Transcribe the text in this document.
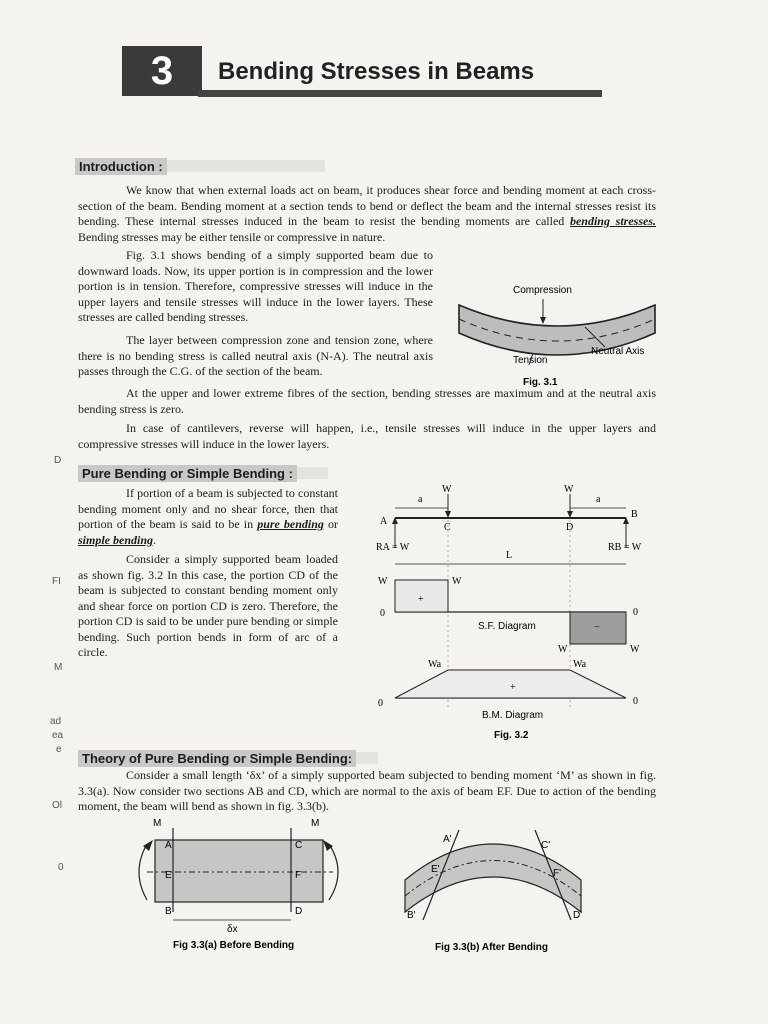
3	Bending Stresses in Beams
Introduction :

We know that when external loads act on beam, it produces shear force and bending moment at each cross-section of the beam. Bending moment at a section tends to bend or deflect the beam and the internal stresses resist its bending. These internal stresses induced in the beam to resist the bending moments are called bending stresses. Bending stresses may be either tensile or compressive in nature.

Fig. 3.1 shows bending of a simply supported beam due to downward loads. Now, its upper portion is in compression and the lower portion is in tension. Therefore, compressive stresses will induce in the upper layers and tensile stresses will induce in the lower layers. These stresses are called bending stresses.

The layer between compression zone and tension zone, where there is no bending stress is called neutral axis (N-A). The neutral axis passes through the C.G. of the section of the beam.

At the upper and lower extreme fibres of the section, bending stresses are maximum and at the neutral axis bending stress is zero.

In case of cantilevers, reverse will happen, i.e., tensile stresses will induce in the upper layers and compressive stresses will induce in the lower layers.

Compression
Tension
Neutral Axis
Fig. 3.1
Pure Bending or Simple Bending :

If portion of a beam is subjected to constant bending moment only and no shear force, then that portion of the beam is said to be in pure bending or simple bending.

Consider a simply supported beam loaded as shown fig. 3.2 In this case, the portion CD of the beam is subjected to constant bending moment only and shear force on portion CD is zero. Therefore, the portion CD is said to be under pure bending or simple bending. Such portion bends in form of arc of a circle.

a	a
W	W
A
B
C	D
RA = W	RB = W
L
W	W
+
−
0	0
W	W
S.F. Diagram
Wa	Wa
+
0	0
B.M. Diagram
Fig. 3.2
Theory of Pure Bending or Simple Bending:

Consider a small length ‘δx’ of a simply supported beam subjected to bending moment ‘M’ as shown in fig. 3.3(a). Now consider two sections AB and CD, which are normal to the axis of beam EF. Due to action of the bending moment, the beam will bend as shown in fig. 3.3(b).

M	M
A
B
C
D
E	F
δx
Fig 3.3(a) Before Bending
A'
B'
C'
D'
E'	F'
Fig 3.3(b) After Bending
D
FI
M
ad
ea
e
Ol
0
